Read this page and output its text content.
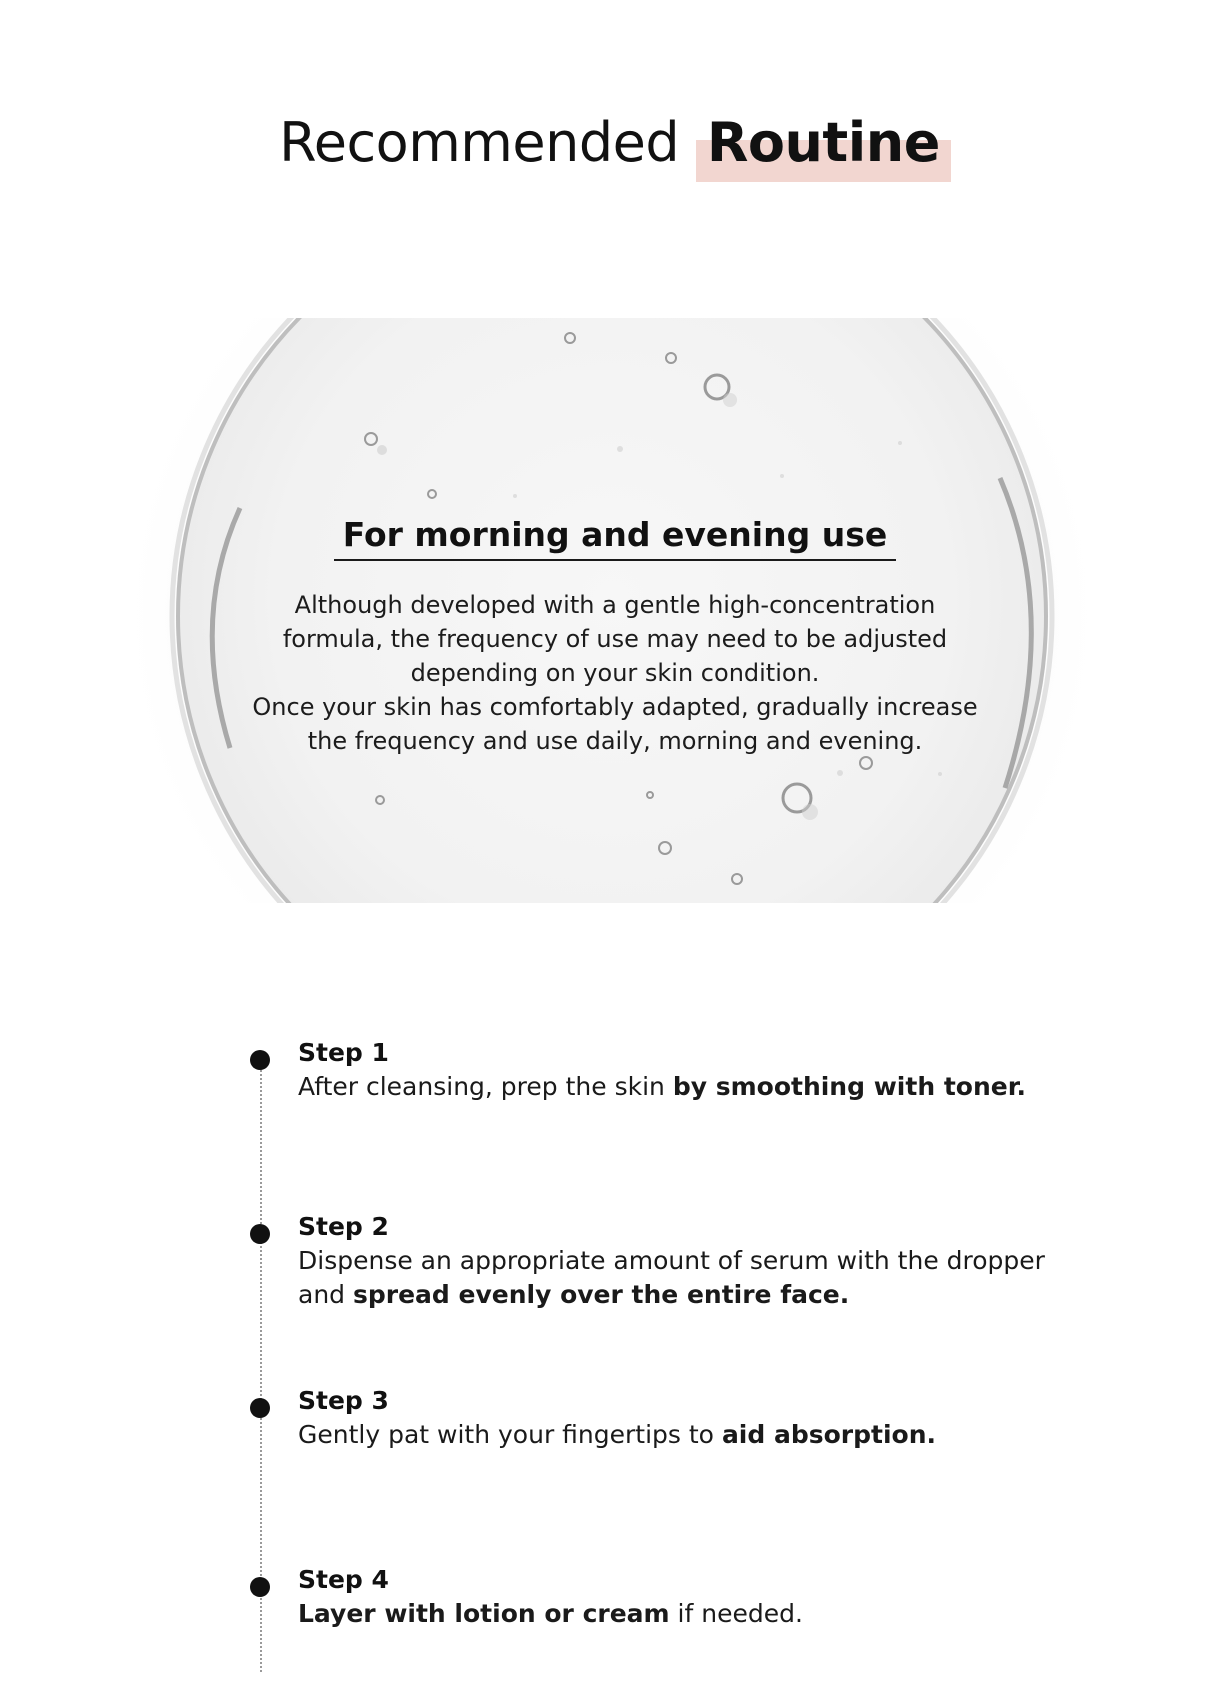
Recommended Routine
For morning and evening use
Although developed with a gentle high-concentration
formula, the frequency of use may need to be adjusted
depending on your skin condition.
Once your skin has comfortably adapted, gradually increase
the frequency and use daily, morning and evening.
Step 1
After cleansing, prep the skin by smoothing with toner.
Step 2
Dispense an appropriate amount of serum with the dropper and spread evenly over the entire face.
Step 3
Gently pat with your fingertips to aid absorption.
Step 4
Layer with lotion or cream if needed.
